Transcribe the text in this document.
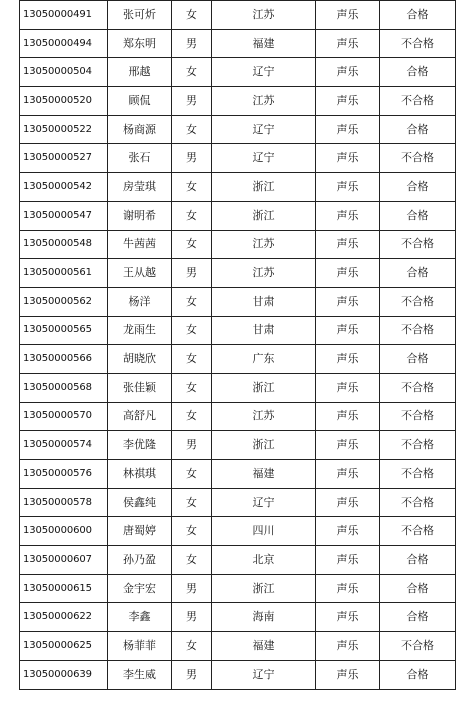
13050000491	张可炘	女	江苏	声乐	合格
13050000494	郑东明	男	福建	声乐	不合格
13050000504	邢越	女	辽宁	声乐	合格
13050000520	顾侃	男	江苏	声乐	不合格
13050000522	杨商源	女	辽宁	声乐	合格
13050000527	张石	男	辽宁	声乐	不合格
13050000542	房莹琪	女	浙江	声乐	合格
13050000547	谢明希	女	浙江	声乐	合格
13050000548	牛茜茜	女	江苏	声乐	不合格
13050000561	王从越	男	江苏	声乐	合格
13050000562	杨洋	女	甘肃	声乐	不合格
13050000565	龙雨生	女	甘肃	声乐	不合格
13050000566	胡晓欣	女	广东	声乐	合格
13050000568	张佳颖	女	浙江	声乐	不合格
13050000570	高舒凡	女	江苏	声乐	不合格
13050000574	李优隆	男	浙江	声乐	不合格
13050000576	林祺琪	女	福建	声乐	不合格
13050000578	侯鑫纯	女	辽宁	声乐	不合格
13050000600	唐蜀婷	女	四川	声乐	不合格
13050000607	孙乃盈	女	北京	声乐	合格
13050000615	金宇宏	男	浙江	声乐	合格
13050000622	李鑫	男	海南	声乐	合格
13050000625	杨菲菲	女	福建	声乐	不合格
13050000639	李生威	男	辽宁	声乐	合格
